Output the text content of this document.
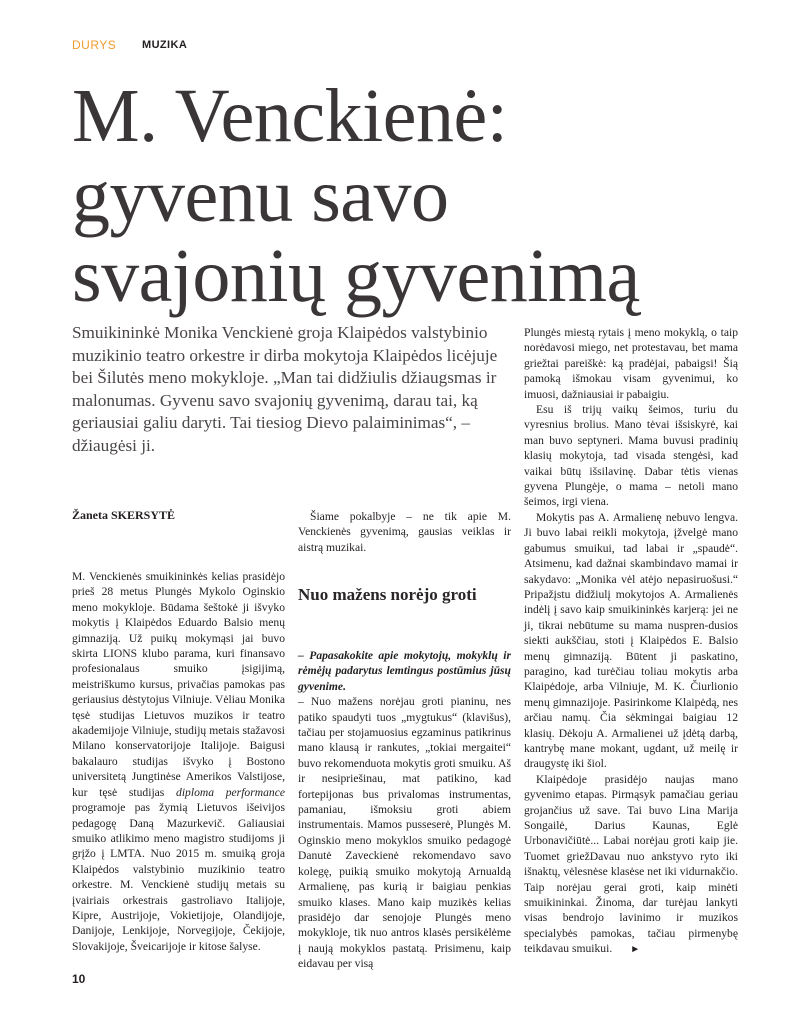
DURYS MUZIKA
M. Venckienė:
gyvenu savo
svajonių gyvenimą

Smuikininkė Monika Venckienė groja Klaipėdos valstybinio muzikinio teatro orkestre ir dirba mokytoja Klaipėdos licėjuje bei Šilutės meno mokykloje. „Man tai didžiulis džiaugsmas ir malonumas. Gyvenu savo svajonių gyvenimą, darau tai, ką geriausiai galiu daryti. Tai tiesiog Dievo palaiminimas“, – džiaugėsi ji.

Žaneta SKERSYTĖ

M. Venckienės smuikininkės kelias prasidėjo prieš 28 metus Plungės Mykolo Oginskio meno mokykloje. Būdama šeštokė ji išvyko mokytis į Klaipėdos Eduardo Balsio menų gimnaziją. Už puikų mokymąsi jai buvo skirta LIONS klubo parama, kuri finansavo profesionalaus smuiko įsigijimą, meistriškumo kursus, privačias pamokas pas geriausius dėstytojus Vilniuje. Vėliau Monika tęsė studijas Lietuvos muzikos ir teatro akademijoje Vilniuje, studijų metais stažavosi Milano konservatorijoje Italijoje. Baigusi bakalauro studijas išvyko į Bostono universitetą Jungtinėse Amerikos Valstijose, kur tęsė studijas diploma performance programoje pas žymią Lietuvos išeivijos pedagogę Daną Mazurkevič. Galiausiai smuiko atlikimo meno magistro studijoms ji grįžo į LMTA. Nuo 2015 m. smuiką groja Klaipėdos valstybinio muzikinio teatro orkestre. M. Venckienė studijų metais su įvairiais orkestrais gastroliavo Italijoje, Kipre, Austrijoje, Vokietijoje, Olandijoje, Danijoje, Lenkijoje, Norvegijoje, Čekijoje, Slovakijoje, Šveicarijoje ir kitose šalyse.

Šiame pokalbyje – ne tik apie M. Venckienės gyvenimą, gausias veiklas ir aistrą muzikai.

Nuo mažens norėjo groti

– Papasakokite apie mokytojų, mokyklų ir rėmėjų padarytus lemtingus postūmius jūsų gyvenime.

– Nuo mažens norėjau groti pianinu, nes patiko spaudyti tuos „mygtukus“ (klavišus), tačiau per stojamuosius egzaminus patikrinus mano klausą ir rankutes, „tokiai mergaitei“ buvo rekomenduota mokytis groti smuiku. Aš ir nesipriešinau, mat patikino, kad fortepijonas bus privalomas instrumentas, pamaniau, išmoksiu groti abiem instrumentais. Mamos pusseserė, Plungės M. Oginskio meno mokyklos smuiko pedagogė Danutė Zaveckienė rekomendavo savo kolegę, puikią smuiko mokytoją Arnualdą Armalienę, pas kurią ir baigiau penkias smuiko klases. Mano kaip muzikės kelias prasidėjo dar senojoje Plungės meno mokykloje, tik nuo antros klasės persikėlėme į naują mokyklos pastatą. Prisimenu, kaip eidavau per visą

Plungės miestą rytais į meno mokyklą, o taip norėdavosi miego, net protestavau, bet mama griežtai pareiškė: ką pradėjai, pabaigsi! Šią pamoką išmokau visam gyvenimui, ko imuosi, dažniausiai ir pabaigiu.

Esu iš trijų vaikų šeimos, turiu du vyresnius brolius. Mano tėvai išsiskyrė, kai man buvo septyneri. Mama buvusi pradinių klasių mokytoja, tad visada stengėsi, kad vaikai būtų išsilavinę. Dabar tėtis vienas gyvena Plungėje, o mama – netoli mano šeimos, irgi viena.

Mokytis pas A. Armalienę nebuvo lengva. Ji buvo labai reikli mokytoja, įžvelgė mano gabumus smuikui, tad labai ir „spaudė“. Atsimenu, kad dažnai skambindavo mamai ir sakydavo: „Monika vėl atėjo nepasiruošusi.“ Pripažįstu didžiulį mokytojos A. Armalienės indėlį į savo kaip smuikininkės karjerą: jei ne ji, tikrai nebūtume su mama nuspren-dusios siekti aukščiau, stoti į Klaipėdos E. Balsio menų gimnaziją. Būtent ji paskatino, paragino, kad turėčiau toliau mokytis arba Klaipėdoje, arba Vilniuje, M. K. Čiurlionio menų gimnazijoje. Pasirinkome Klaipėdą, nes arčiau namų. Čia sėkmingai baigiau 12 klasių. Dėkoju A. Armalienei už įdėtą darbą, kantrybę mane mokant, ugdant, už meilę ir draugystę iki šiol.

Klaipėdoje prasidėjo naujas mano gyvenimo etapas. Pirmąsyk pamačiau geriau grojančius už save. Tai buvo Lina Marija Songailė, Darius Kaunas, Eglė Urbonavičiūtė... Labai norėjau groti kaip jie. Tuomet griežDavau nuo ankstyvo ryto iki išnaktų, vėlesnėse klasėse net iki vidurnakčio. Taip norėjau gerai groti, kaip minėti smuikininkai. Žinoma, dar turėjau lankyti visas bendrojo lavinimo ir muzikos specialybės pamokas, tačiau pirmenybę teikdavau smuikui. ►

10
